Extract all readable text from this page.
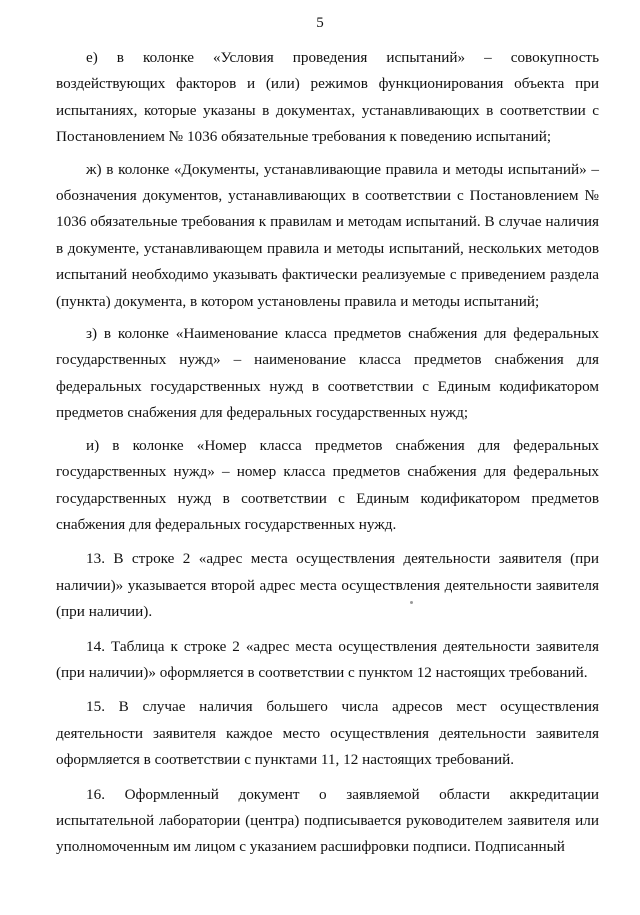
5

е) в колонке «Условия проведения испытаний» – совокупность воздействующих факторов и (или) режимов функционирования объекта при испытаниях, которые указаны в документах, устанавливающих в соответствии с Постановлением № 1036 обязательные требования к поведению испытаний;

ж) в колонке «Документы, устанавливающие правила и методы испытаний» – обозначения документов, устанавливающих в соответствии с Постановлением № 1036 обязательные требования к правилам и методам испытаний. В случае наличия в документе, устанавливающем правила и методы испытаний, нескольких методов испытаний необходимо указывать фактически реализуемые с приведением раздела (пункта) документа, в котором установлены правила и методы испытаний;

з) в колонке «Наименование класса предметов снабжения для федеральных государственных нужд» – наименование класса предметов снабжения для федеральных государственных нужд в соответствии с Единым кодификатором предметов снабжения для федеральных государственных нужд;

и) в колонке «Номер класса предметов снабжения для федеральных государственных нужд» – номер класса предметов снабжения для федеральных государственных нужд в соответствии с Единым кодификатором предметов снабжения для федеральных государственных нужд.

13. В строке 2 «адрес места осуществления деятельности заявителя (при наличии)» указывается второй адрес места осуществления деятельности заявителя (при наличии).

14. Таблица к строке 2 «адрес места осуществления деятельности заявителя (при наличии)» оформляется в соответствии с пунктом 12 настоящих требований.

15. В случае наличия большего числа адресов мест осуществления деятельности заявителя каждое место осуществления деятельности заявителя оформляется в соответствии с пунктами 11, 12 настоящих требований.

16. Оформленный документ о заявляемой области аккредитации испытательной лаборатории (центра) подписывается руководителем заявителя или уполномоченным им лицом с указанием расшифровки подписи. Подписанный
